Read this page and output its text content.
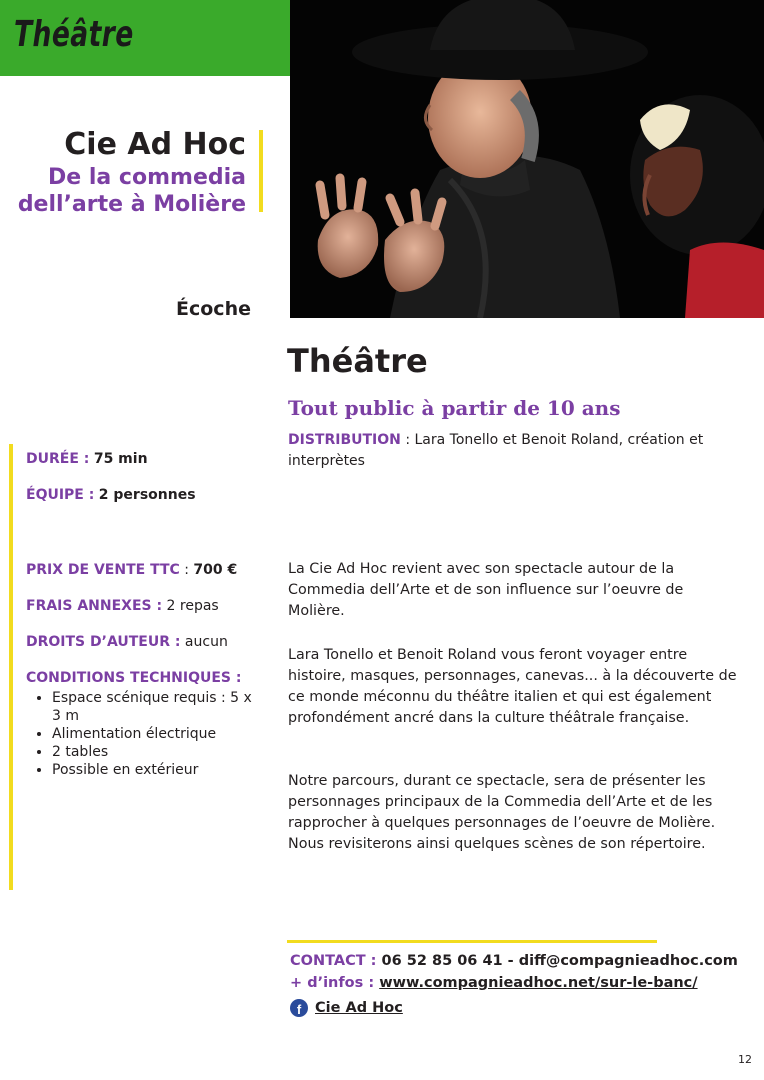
Théâtre
Cie Ad Hoc
De la commedia
dell’arte à Molière
Écoche
DURÉE : 75 min
ÉQUIPE : 2 personnes
PRIX DE VENTE TTC : 700 €
FRAIS ANNEXES : 2 repas
DROITS D’AUTEUR : aucun
CONDITIONS TECHNIQUES :
• Espace scénique requis : 5 x 3 m
• Alimentation électrique
• 2 tables
• Possible en extérieur
Théâtre
Tout public à partir de 10 ans
DISTRIBUTION : Lara Tonello et Benoit Roland, création et interprètes

La Cie Ad Hoc revient avec son spectacle autour de la Commedia dell’Arte et de son influence sur l’oeuvre de Molière.

Lara Tonello et Benoit Roland vous feront voyager entre histoire, masques, personnages, canevas... à la découverte de ce monde méconnu du théâtre italien et qui est également profondément ancré dans la culture théâtrale française.

Notre parcours, durant ce spectacle, sera de présenter les personnages principaux de la Commedia dell’Arte et de les rapprocher à quelques personnages de l’oeuvre de Molière. Nous revisiterons ainsi quelques scènes de son répertoire.

CONTACT : 06 52 85 06 41 - diff@compagnieadhoc.com
+ d’infos : www.compagnieadhoc.net/sur-le-banc/
f Cie Ad Hoc
12
